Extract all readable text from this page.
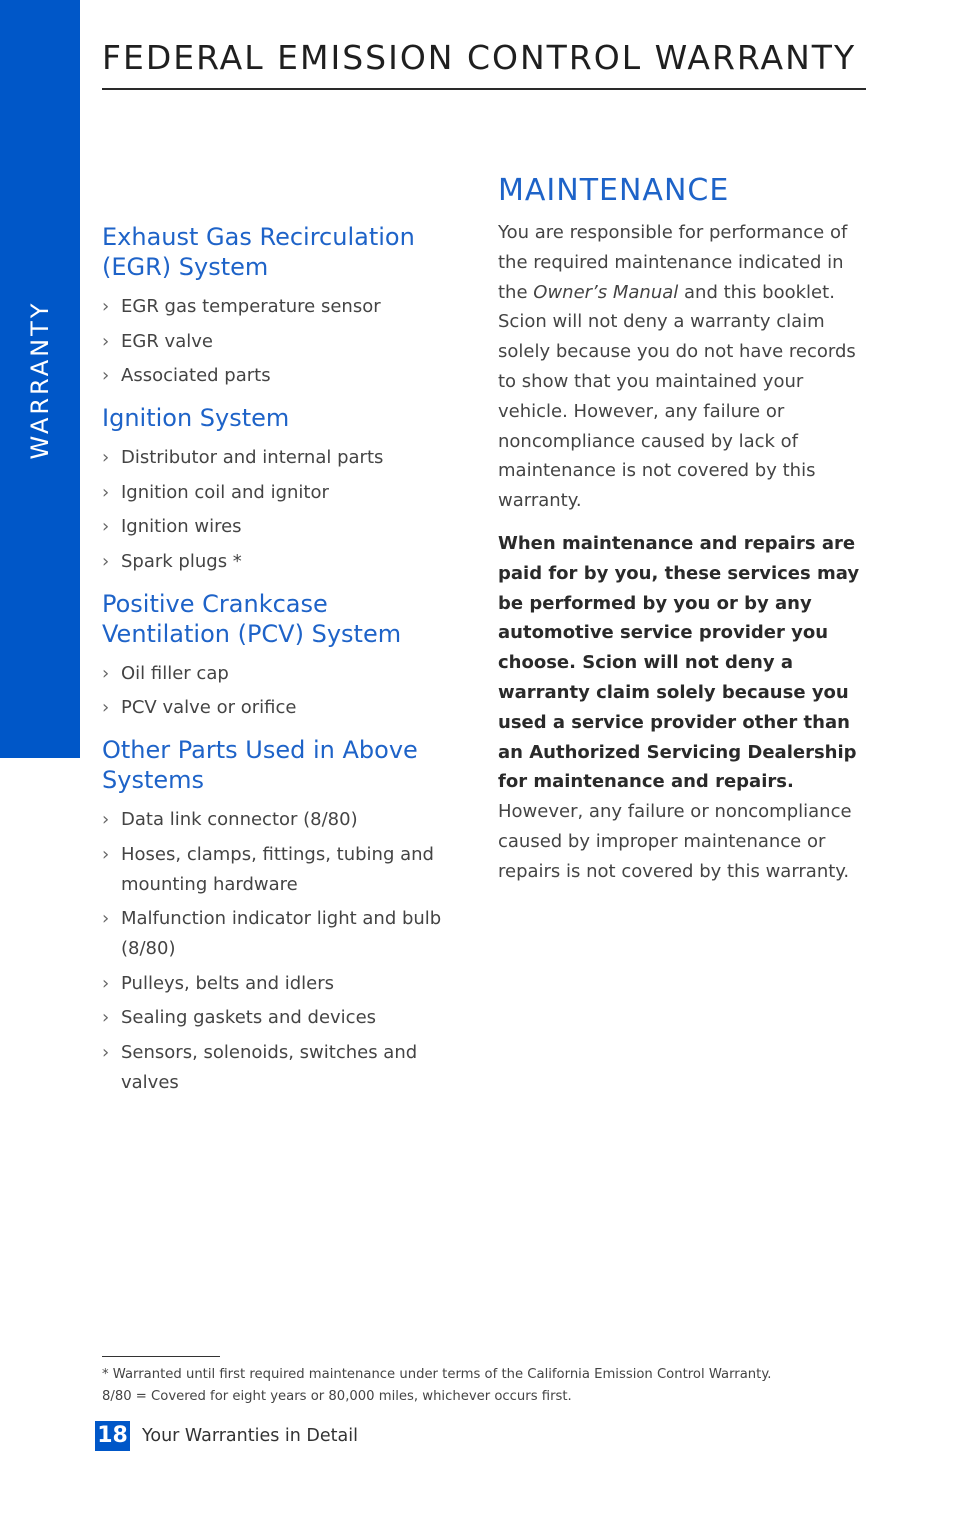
WARRANTY
FEDERAL EMISSION CONTROL WARRANTY
Exhaust Gas Recirculation (EGR) System
› EGR gas temperature sensor
› EGR valve
› Associated parts
Ignition System
› Distributor and internal parts
› Ignition coil and ignitor
› Ignition wires
› Spark plugs *
Positive Crankcase Ventilation (PCV) System
› Oil filler cap
› PCV valve or orifice
Other Parts Used in Above Systems
› Data link connector (8/80)
› Hoses, clamps, fittings, tubing and mounting hardware
› Malfunction indicator light and bulb (8/80)
› Pulleys, belts and idlers
› Sealing gaskets and devices
› Sensors, solenoids, switches and valves
MAINTENANCE

You are responsible for performance of the required maintenance indicated in the Owner’s Manual and this booklet. Scion will not deny a warranty claim solely because you do not have records to show that you maintained your vehicle. However, any failure or noncompliance caused by lack of maintenance is not covered by this warranty.

When maintenance and repairs are paid for by you, these services may be performed by you or by any automotive service provider you choose. Scion will not deny a warranty claim solely because you used a service provider other than an Authorized Servicing Dealership for maintenance and repairs. However, any failure or noncompliance caused by improper maintenance or repairs is not covered by this warranty.

* Warranted until first required maintenance under terms of the California Emission Control Warranty.
8/80 = Covered for eight years or 80,000 miles, whichever occurs first.
18 Your Warranties in Detail
